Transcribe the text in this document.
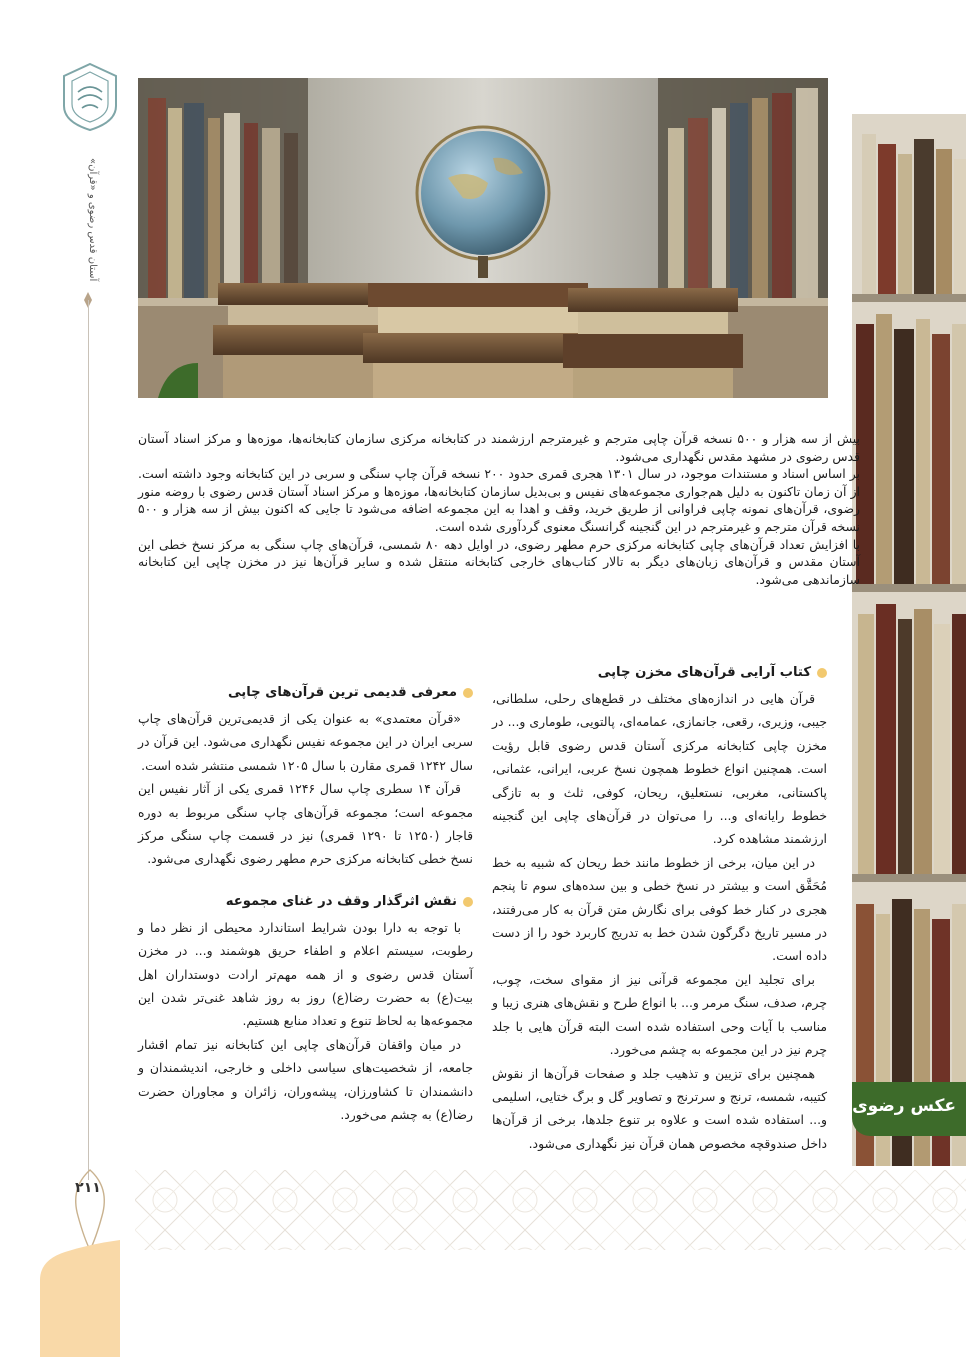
آستان قدس رضوی و «قرآن»
۲۱۱
عکس رضوی

بیش از سه هزار و ۵۰۰ نسخه قرآن چاپی مترجم و غیرمترجم ارزشمند در کتابخانه مرکزی سازمان کتابخانه‌ها، موزه‌ها و مرکز اسناد آستان قدس رضوی در مشهد مقدس نگهداری می‌شود.

بر اساس اسناد و مستندات موجود، در سال ۱۳۰۱ هجری قمری حدود ۲۰۰ نسخه قرآن چاپ سنگی و سربی در این کتابخانه وجود داشته است. از آن زمان تاکنون به دلیل هم‌جواری مجموعه‌های نفیس و بی‌بدیل سازمان کتابخانه‌ها، موزه‌ها و مرکز اسناد آستان قدس رضوی با روضه منور رضوی، قرآن‌های نمونه چاپی فراوانی از طریق خرید، وقف و اهدا به این مجموعه اضافه می‌شود تا جایی که اکنون بیش از سه هزار و ۵۰۰ نسخه قرآن مترجم و غیرمترجم در این گنجینه گرانسنگ معنوی گردآوری شده است.

با افزایش تعداد قرآن‌های چاپی کتابخانه مرکزی حرم مطهر رضوی، در اوایل دهه ۸۰ شمسی، قرآن‌های چاپ سنگی به مرکز نسخ خطی این آستان مقدس و قرآن‌های زبان‌های دیگر به تالار کتاب‌های خارجی کتابخانه منتقل شده و سایر قرآن‌ها نیز در مخزن چاپی این کتابخانه سازماندهی می‌شود.

کتاب آرایی قرآن‌های مخزن چاپی

قرآن هایی در اندازه‌های مختلف در قطع‌های رحلی، سلطانی، جیبی، وزیری، رقعی، جانمازی، عمامه‌ای، پالتویی، طوماری و... در مخزن چاپی کتابخانه مرکزی آستان قدس رضوی قابل رؤیت است. همچنین انواع خطوط همچون نسخ عربی، ایرانی، عثمانی، پاکستانی، مغربی، نستعلیق، ریحان، کوفی، ثلث و به تازگی خطوط رایانه‌ای و... را می‌توان در قرآن‌های چاپی این گنجینه ارزشمند مشاهده کرد.

در این میان، برخی از خطوط مانند خط ریحان که شبیه به خط مُحَقَّق است و بیشتر در نسخ خطی و بین سده‌های سوم تا پنجم هجری در کنار خط کوفی برای نگارش متن قرآن به کار می‌رفتند، در مسیر تاریخ دگرگون شدن خط به تدریج کاربرد خود را از دست داده است.

برای تجلید این مجموعه قرآنی نیز از مقوای سخت، چوب، چرم، صدف، سنگ مرمر و... با انواع طرح و نقش‌های هنری زیبا و مناسب با آیات وحی استفاده شده است البته قرآن هایی با جلد چرم نیز در این مجموعه به چشم می‌خورد.

همچنین برای تزیین و تذهیب جلد و صفحات قرآن‌ها از نقوش کتیبه، شمسه، ترنج و سرترنج و تصاویر گل و برگ ختایی، اسلیمی و... استفاده شده است و علاوه بر تنوع جلدها، برخی از قرآن‌ها داخل صندوقچه مخصوص همان قرآن نیز نگهداری می‌شود.

معرفی قدیمی ترین قرآن‌های چاپی

«قرآن معتمدی» به عنوان یکی از قدیمی‌ترین قرآن‌های چاپ سربی ایران در این مجموعه نفیس نگهداری می‌شود. این قرآن در سال ۱۲۴۲ قمری مقارن با سال ۱۲۰۵ شمسی منتشر شده است.

قرآن ۱۴ سطری چاپ سال ۱۲۴۶ قمری یکی از آثار نفیس این مجموعه است؛ مجموعه قرآن‌های چاپ سنگی مربوط به دوره قاجار (۱۲۵۰ تا ۱۲۹۰ قمری) نیز در قسمت چاپ سنگی مرکز نسخ خطی کتابخانه مرکزی حرم مطهر رضوی نگهداری می‌شود.

نقش اثرگذار وقف در غنای مجموعه

با توجه به دارا بودن شرایط استاندارد محیطی از نظر دما و رطوبت، سیستم اعلام و اطفاء حریق هوشمند و... در مخزن آستان قدس رضوی و از همه مهم‌تر ارادت دوستداران اهل بیت(ع) به حضرت رضا(ع) روز به روز شاهد غنی‌تر شدن این مجموعه‌ها به لحاظ تنوع و تعداد منابع هستیم.

در میان واقفان قرآن‌های چاپی این کتابخانه نیز تمام اقشار جامعه، از شخصیت‌های سیاسی داخلی و خارجی، اندیشمندان و دانشمندان تا کشاورزان، پیشه‌وران، زائران و مجاوران حضرت رضا(ع) به چشم می‌خورد.
